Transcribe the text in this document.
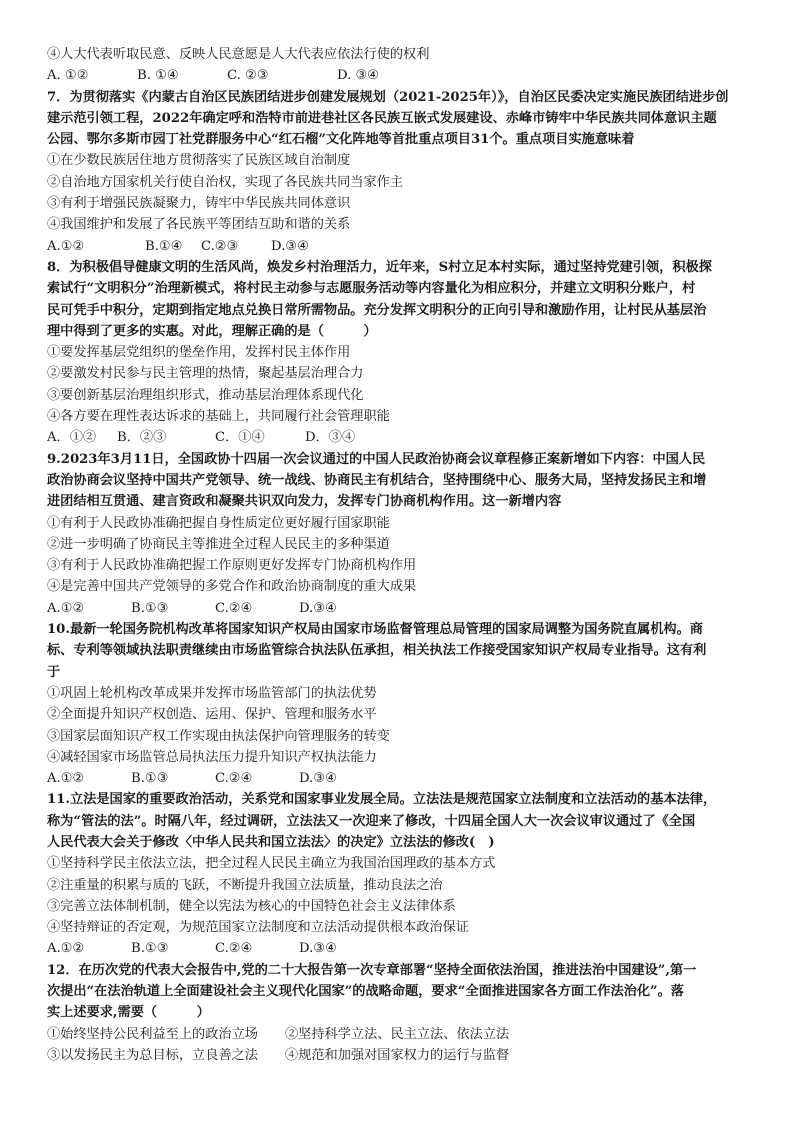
④人大代表听取民意、反映人民意愿是人大代表应依法行使的权利
A. ①②	B. ①④	C. ②③	D. ③④
7．为贯彻落实《内蒙古自治区民族团结进步创建发展规划（2021-2025年）》，自治区民委决定实施民族团结进步创
建示范引领工程，2022年确定呼和浩特市前进巷社区各民族互嵌式发展建设、赤峰市铸牢中华民族共同体意识主题
公园、鄂尔多斯市园丁社党群服务中心“红石榴”文化阵地等首批重点项目31个。重点项目实施意味着
①在少数民族居住地方贯彻落实了民族区域自治制度
②自治地方国家机关行使自治权，实现了各民族共同当家作主
③有利于增强民族凝聚力，铸牢中华民族共同体意识
④我国维护和发展了各民族平等团结互助和谐的关系
A.①②	B.①④	C.②③	D.③④
8．为积极倡导健康文明的生活风尚，焕发乡村治理活力，近年来，S村立足本村实际，通过坚持党建引领，积极探
索试行“文明积分”治理新模式，将村民主动参与志愿服务活动等内容量化为相应积分，并建立文明积分账户，村
民可凭手中积分，定期到指定地点兑换日常所需物品。充分发挥文明积分的正向引导和激励作用，让村民从基层治
理中得到了更多的实惠。对此，理解正确的是（　　　）
①要发挥基层党组织的堡垒作用，发挥村民主体作用
②要激发村民参与民主管理的热情，聚起基层治理合力
③要创新基层治理组织形式，推动基层治理体系现代化
④各方要在理性表达诉求的基础上，共同履行社会管理职能
A．①②	B．②③	C．①④	D．③④
9.2023年3月11日，全国政协十四届一次会议通过的中国人民政治协商会议章程修正案新增如下内容：中国人民
政治协商会议坚持中国共产党领导、统一战线、协商民主有机结合，坚持围绕中心、服务大局，坚持发扬民主和增
进团结相互贯通、建言资政和凝聚共识双向发力，发挥专门协商机构作用。这一新增内容
①有利于人民政协准确把握自身性质定位更好履行国家职能
②进一步明确了协商民主等推进全过程人民民主的多种渠道
③有利于人民政协准确把握工作原则更好发挥专门协商机构作用
④是完善中国共产党领导的多党合作和政治协商制度的重大成果
A.①②	B.①③	C.②④	D.③④
10.最新一轮国务院机构改革将国家知识产权局由国家市场监督管理总局管理的国家局调整为国务院直属机构。商
标、专利等领域执法职责继续由市场监管综合执法队伍承担，相关执法工作接受国家知识产权局专业指导。这有利
于
①巩固上轮机构改革成果并发挥市场监管部门的执法优势
②全面提升知识产权创造、运用、保护、管理和服务水平
③国家层面知识产权工作实现由执法保护向管理服务的转变
④减轻国家市场监管总局执法压力提升知识产权执法能力
A.①②	B.①③	C.②④	D.③④
11.立法是国家的重要政治活动，关系党和国家事业发展全局。立法法是规范国家立法制度和立法活动的基本法律，
称为“管法的法”。时隔八年，经过调研，立法法又一次迎来了修改，十四届全国人大一次会议审议通过了《全国
人民代表大会关于修改〈中华人民共和国立法法〉的决定》立法法的修改(　)
①坚持科学民主依法立法，把全过程人民民主确立为我国治国理政的基本方式
②注重量的积累与质的飞跃，不断提升我国立法质量，推动良法之治
③完善立法体制机制，健全以宪法为核心的中国特色社会主义法律体系
④坚持辩证的否定观，为规范国家立法制度和立法活动提供根本政治保证
A.①②	B.①③	C.②④	D.③④
12．在历次党的代表大会报告中,党的二十大报告第一次专章部署“坚持全面依法治国，推进法治中国建设”,第一
次提出“在法治轨道上全面建设社会主义现代化国家”的战略命题，要求“全面推进国家各方面工作法治化”。落
实上述要求,需要（　　　）
①始终坚持公民利益至上的政治立场	②坚持科学立法、民主立法、依法立法
③以发扬民主为总目标，立良善之法	④规范和加强对国家权力的运行与监督
